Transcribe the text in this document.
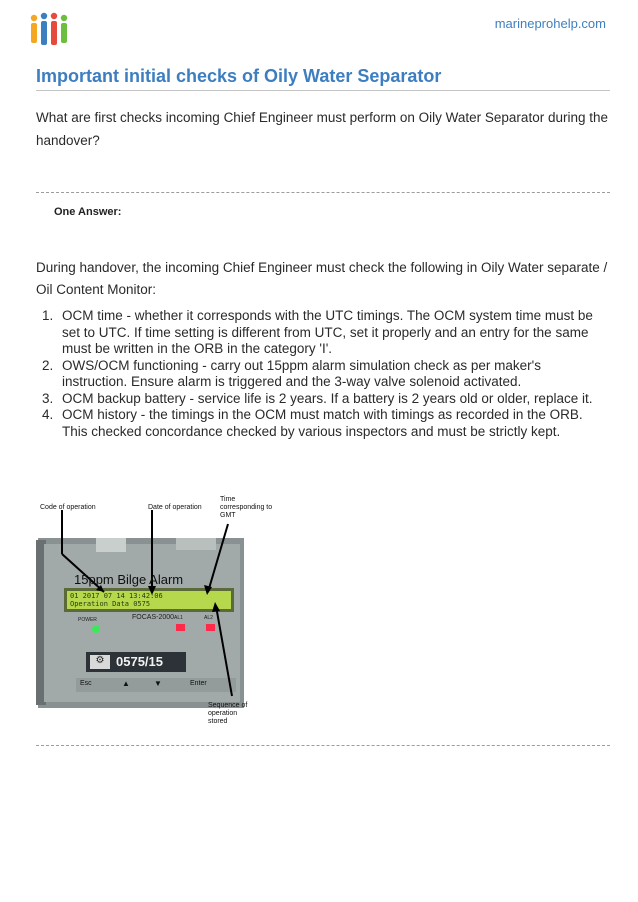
marineprohelp.com
Important initial checks of Oily Water Separator

What are first checks incoming Chief Engineer must perform on Oily Water Separator during the handover?

One Answer:

During handover, the incoming Chief Engineer must check the following in Oily Water separate / Oil Content Monitor:

1. OCM time - whether it corresponds with the UTC timings. The OCM system time must be set to UTC. If time setting is different from UTC, set it properly and an entry for the same must be written in the ORB in the category 'I'.
2. OWS/OCM functioning - carry out 15ppm alarm simulation check as per maker's instruction. Ensure alarm is triggered and the 3-way valve solenoid activated.
3. OCM backup battery - service life is 2 years. If a battery is 2 years old or older, replace it.
4. OCM history - the timings in the OCM must match with timings as recorded in the ORB. This checked concordance checked by various inspectors and must be strictly kept.
Code of operation	Date of operation
Time corresponding to GMT
15ppm Bilge Alarm
01 2017 07 14 13:42:06
Operation Data 0575
FOCAS-2000
POWER	AL1	AL2
⚙ 0575/15
Esc	▲	▼	Enter
Sequence of operation stored
